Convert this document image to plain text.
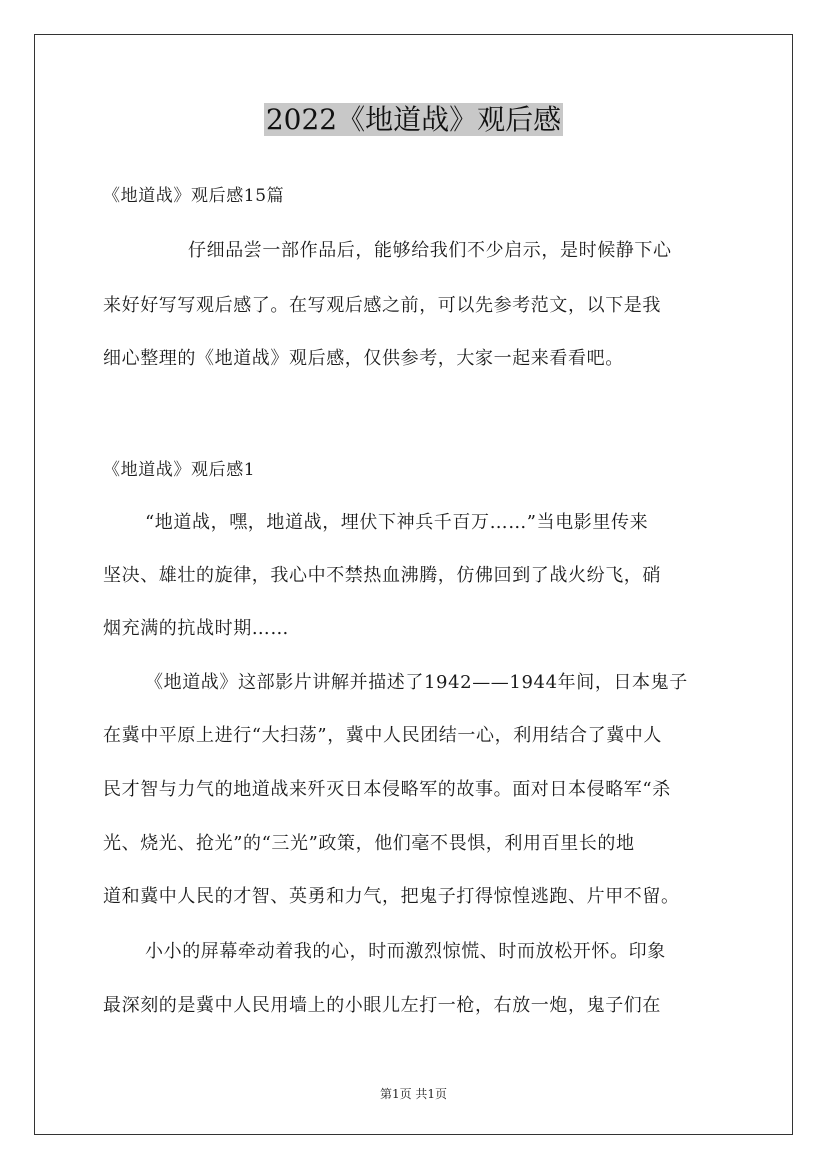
2022《地道战》观后感
《地道战》观后感15篇
仔细品尝一部作品后，能够给我们不少启示，是时候静下心
来好好写写观后感了。在写观后感之前，可以先参考范文，以下是我
细心整理的《地道战》观后感，仅供参考，大家一起来看看吧。
《地道战》观后感1
“地道战，嘿，地道战，埋伏下神兵千百万……”当电影里传来
坚决、雄壮的旋律，我心中不禁热血沸腾，仿佛回到了战火纷飞，硝
烟充满的抗战时期……
《地道战》这部影片讲解并描述了1942——1944年间，日本鬼子
在冀中平原上进行“大扫荡”，冀中人民团结一心，利用结合了冀中人
民才智与力气的地道战来歼灭日本侵略军的故事。面对日本侵略军“杀
光、烧光、抢光”的“三光”政策，他们毫不畏惧，利用百里长的地
道和冀中人民的才智、英勇和力气，把鬼子打得惊惶逃跑、片甲不留。
小小的屏幕牵动着我的心，时而激烈惊慌、时而放松开怀。印象
最深刻的是冀中人民用墙上的小眼儿左打一枪，右放一炮，鬼子们在
第1页 共1页
